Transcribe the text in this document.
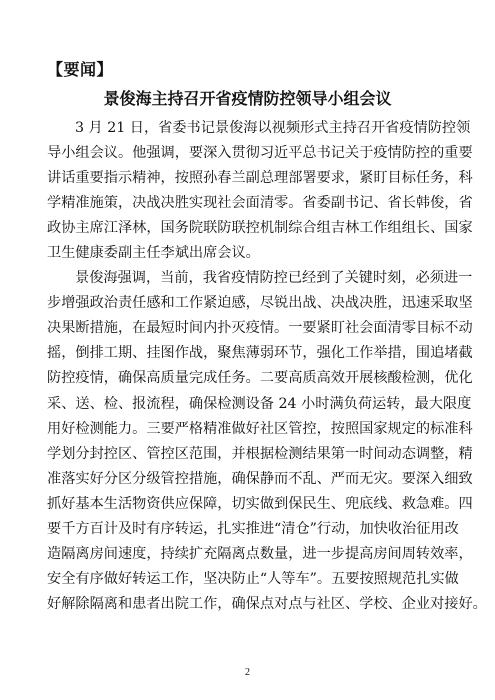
【要闻】
景俊海主持召开省疫情防控领导小组会议
3 月 21 日，省委书记景俊海以视频形式主持召开省疫情防控领
导小组会议。他强调，要深入贯彻习近平总书记关于疫情防控的重要
讲话重要指示精神，按照孙春兰副总理部署要求，紧盯目标任务，科
学精准施策，决战决胜实现社会面清零。省委副书记、省长韩俊，省
政协主席江泽林，国务院联防联控机制综合组吉林工作组组长、国家
卫生健康委副主任李斌出席会议。
景俊海强调，当前，我省疫情防控已经到了关键时刻，必须进一
步增强政治责任感和工作紧迫感，尽锐出战、决战决胜，迅速采取坚
决果断措施，在最短时间内扑灭疫情。一要紧盯社会面清零目标不动
摇，倒排工期、挂图作战，聚焦薄弱环节，强化工作举措，围追堵截
防控疫情，确保高质量完成任务。二要高质高效开展核酸检测，优化
采、送、检、报流程，确保检测设备 24 小时满负荷运转，最大限度
用好检测能力。三要严格精准做好社区管控，按照国家规定的标准科
学划分封控区、管控区范围，并根据检测结果第一时间动态调整，精
准落实好分区分级管控措施，确保静而不乱、严而无灾。要深入细致
抓好基本生活物资供应保障，切实做到保民生、兜底线、救急难。四
要千方百计及时有序转运，扎实推进“清仓”行动，加快收治征用改
造隔离房间速度，持续扩充隔离点数量，进一步提高房间周转效率，
安全有序做好转运工作，坚决防止“人等车”。五要按照规范扎实做
好解除隔离和患者出院工作，确保点对点与社区、学校、企业对接好。
2
